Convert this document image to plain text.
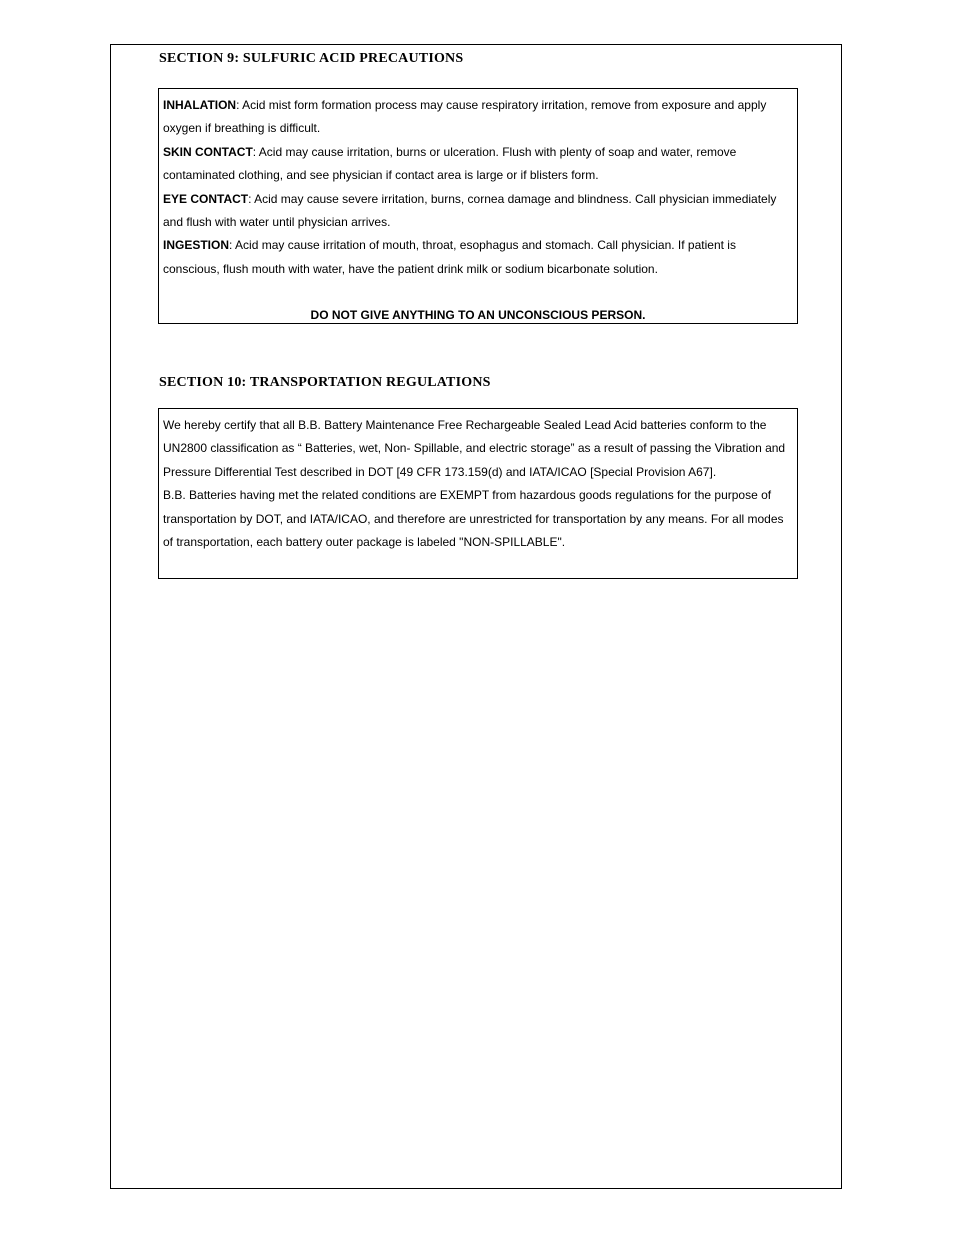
SECTION 9: SULFURIC ACID PRECAUTIONS

INHALATION: Acid mist form formation process may cause respiratory irritation, remove from exposure and apply oxygen if breathing is difficult.

SKIN CONTACT: Acid may cause irritation, burns or ulceration. Flush with plenty of soap and water, remove contaminated clothing, and see physician if contact area is large or if blisters form.

EYE CONTACT: Acid may cause severe irritation, burns, cornea damage and blindness. Call physician immediately and flush with water until physician arrives.

INGESTION: Acid may cause irritation of mouth, throat, esophagus and stomach. Call physician. If patient is conscious, flush mouth with water, have the patient drink milk or sodium bicarbonate solution.

DO NOT GIVE ANYTHING TO AN UNCONSCIOUS PERSON.

SECTION 10: TRANSPORTATION REGULATIONS

We hereby certify that all B.B. Battery Maintenance Free Rechargeable Sealed Lead Acid batteries conform to the UN2800 classification as “ Batteries, wet, Non- Spillable, and electric storage” as a result of passing the Vibration and Pressure Differential Test described in DOT [49 CFR 173.159(d) and IATA/ICAO [Special Provision A67].

B.B. Batteries having met the related conditions are EXEMPT from hazardous goods regulations for the purpose of transportation by DOT, and IATA/ICAO, and therefore are unrestricted for transportation by any means. For all modes of transportation, each battery outer package is labeled "NON-SPILLABLE".
